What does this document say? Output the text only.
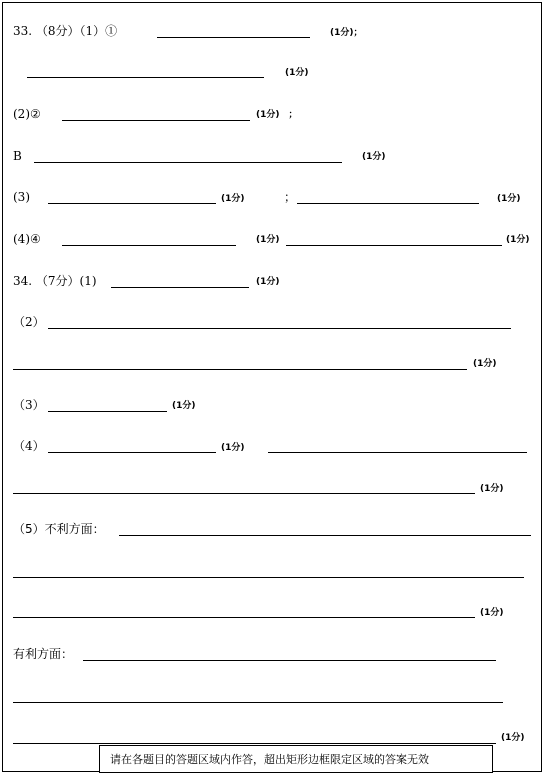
33. （8分）（1）①	(1分)；
(1分)
(2)②	(1分)　；
B	(1分)
(3)	(1分)	；	(1分)
(4)④	(1分)	(1分)
34. （7分）(1)	(1分)
（2）
(1分)
（3）	(1分)
（4）	(1分)
(1分)
（5）不利方面：
(1分)
有利方面：
(1分)
请在各题目的答题区域内作答，超出矩形边框限定区域的答案无效
